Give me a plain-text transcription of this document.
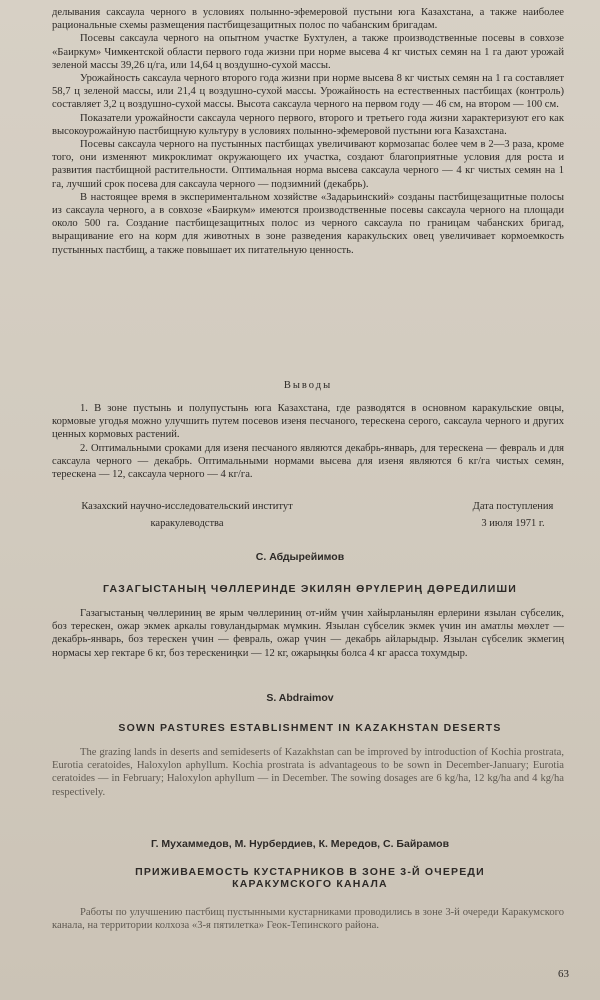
делывания саксаула черного в условиях полынно-эфемеровой пустыни юга Казахстана, а также наиболее рациональные схемы размещения пастбищезащитных полос по чабанским бригадам.

Посевы саксаула черного на опытном участке Бухтулен, а также производственные посевы в совхозе «Баиркум» Чимкентской области первого года жизни при норме высева 4 кг чистых семян на 1 га дают урожай зеленой массы 39,26 ц/га, или 14,64 ц воздушно-сухой массы.

Урожайность саксаула черного второго года жизни при норме высева 8 кг чистых семян на 1 га составляет 58,7 ц зеленой массы, или 21,4 ц воздушно-сухой массы. Урожайность на естественных пастбищах (контроль) составляет 3,2 ц воздушно-сухой массы. Высота саксаула черного на первом году — 46 см, на втором — 100 см.

Показатели урожайности саксаула черного первого, второго и третьего года жизни характеризуют его как высокоурожайную пастбищную культуру в условиях полынно-эфемеровой пустыни юга Казахстана.

Посевы саксаула черного на пустынных пастбищах увеличивают кормозапас более чем в 2—3 раза, кроме того, они изменяют микроклимат окружающего их участка, создают благоприятные условия для роста и развития пастбищной растительности. Оптимальная норма высева саксаула черного — 4 кг чистых семян на 1 га, лучший срок посева для саксаула черного — подзимний (декабрь).

В настоящее время в экспериментальном хозяйстве «Задарьинский» созданы пастбищезащитные полосы из саксаула черного, а в совхозе «Баиркум» имеются производственные посевы саксаула черного на площади около 500 га. Создание пастбищезащитных полос из черного саксаула по границам чабанских бригад, выращивание его на корм для животных в зоне разведения каракульских овец увеличивает кормоемкость пустынных пастбищ, а также повышает их питательную ценность.

Выводы

1. В зоне пустынь и полупустынь юга Казахстана, где разводятся в основном каракульские овцы, кормовые угодья можно улучшить путем посевов изеня песчаного, терескена серого, саксаула черного и других ценных кормовых растений.

2. Оптимальными сроками для изеня песчаного являются декабрь-январь, для терескена — февраль и для саксаула черного — декабрь. Оптимальными нормами высева для изеня являются 6 кг/га чистых семян, терескена — 12, саксаула черного — 4 кг/га.

Казахский научно-исследовательский институт
каракулеводства
Дата поступления
3 июля 1971 г.
С. Абдырейимов
ГАЗАГЫСТАНЫҢ ЧӨЛЛЕРИНДЕ ЭКИЛЯН ӨРҮЛЕРИҢ ДӨРЕДИЛИШИ

Газагыстаның чөллериниң ве ярым чөллериниң от-ийм үчин хайырланылян ерлерини язылан сүбселик, боз терескен, ожар экмек аркалы говуландырмак мүмкин. Язылан сүбселик экмек үчин ин аматлы мөхлет — декабрь-январь, боз терескен үчин — февраль, ожар үчин — декабрь айларыдыр. Язылан сүбселик экмегиң нормасы хер гектаре 6 кг, боз терескениңки — 12 кг, ожарыңкы болса 4 кг арасса тохумдыр.

S. Abdraimov
SOWN PASTURES ESTABLISHMENT IN KAZAKHSTAN DESERTS

The grazing lands in deserts and semideserts of Kazakhstan can be improved by introduction of Kochia prostrata, Eurotia ceratoides, Haloxylon aphyllum. Kochia prostrata is advantageous to be sown in December-January; Eurotia ceratoides — in February; Haloxylon aphyllum — in December. The sowing dosages are 6 kg/ha, 12 kg/ha and 4 kg/ha respectively.

Г. Мухаммедов, М. Нурбердиев, К. Мередов, С. Байрамов
ПРИЖИВАЕМОСТЬ КУСТАРНИКОВ В ЗОНЕ 3-Й ОЧЕРЕДИ
КАРАКУМСКОГО КАНАЛА

Работы по улучшению пастбищ пустынными кустарниками проводились в зоне 3-й очереди Каракумского канала, на территории колхоза «3-я пятилетка» Геок-Тепинского района.

63
